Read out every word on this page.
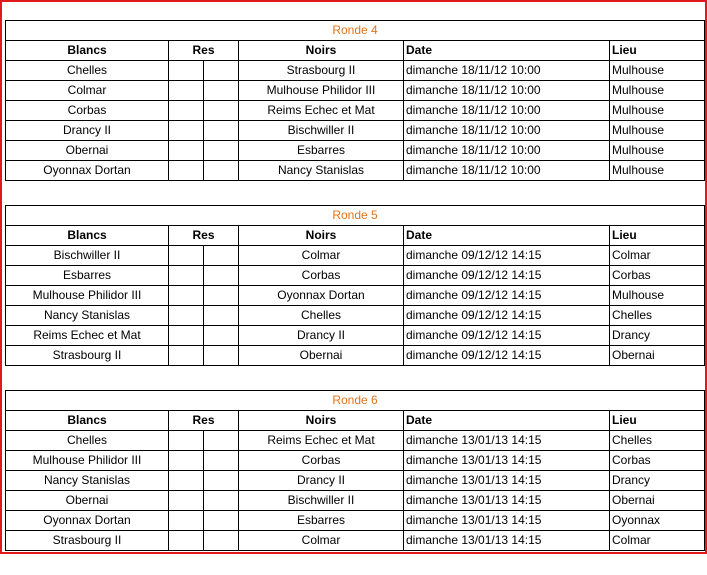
Ronde 4					
Blancs	Res		Noirs	Date	Lieu
Chelles			Strasbourg II	dimanche 18/11/12 10:00	Mulhouse
Colmar			Mulhouse Philidor III	dimanche 18/11/12 10:00	Mulhouse
Corbas			Reims Echec et Mat	dimanche 18/11/12 10:00	Mulhouse
Drancy II			Bischwiller II	dimanche 18/11/12 10:00	Mulhouse
Obernai			Esbarres	dimanche 18/11/12 10:00	Mulhouse
Oyonnax Dortan			Nancy Stanislas	dimanche 18/11/12 10:00	Mulhouse
Ronde 5					
Blancs	Res		Noirs	Date	Lieu
Bischwiller II			Colmar	dimanche 09/12/12 14:15	Colmar
Esbarres			Corbas	dimanche 09/12/12 14:15	Corbas
Mulhouse Philidor III			Oyonnax Dortan	dimanche 09/12/12 14:15	Mulhouse
Nancy Stanislas			Chelles	dimanche 09/12/12 14:15	Chelles
Reims Echec et Mat			Drancy II	dimanche 09/12/12 14:15	Drancy
Strasbourg II			Obernai	dimanche 09/12/12 14:15	Obernai
Ronde 6					
Blancs	Res		Noirs	Date	Lieu
Chelles			Reims Echec et Mat	dimanche 13/01/13 14:15	Chelles
Mulhouse Philidor III			Corbas	dimanche 13/01/13 14:15	Corbas
Nancy Stanislas			Drancy II	dimanche 13/01/13 14:15	Drancy
Obernai			Bischwiller II	dimanche 13/01/13 14:15	Obernai
Oyonnax Dortan			Esbarres	dimanche 13/01/13 14:15	Oyonnax
Strasbourg II			Colmar	dimanche 13/01/13 14:15	Colmar
